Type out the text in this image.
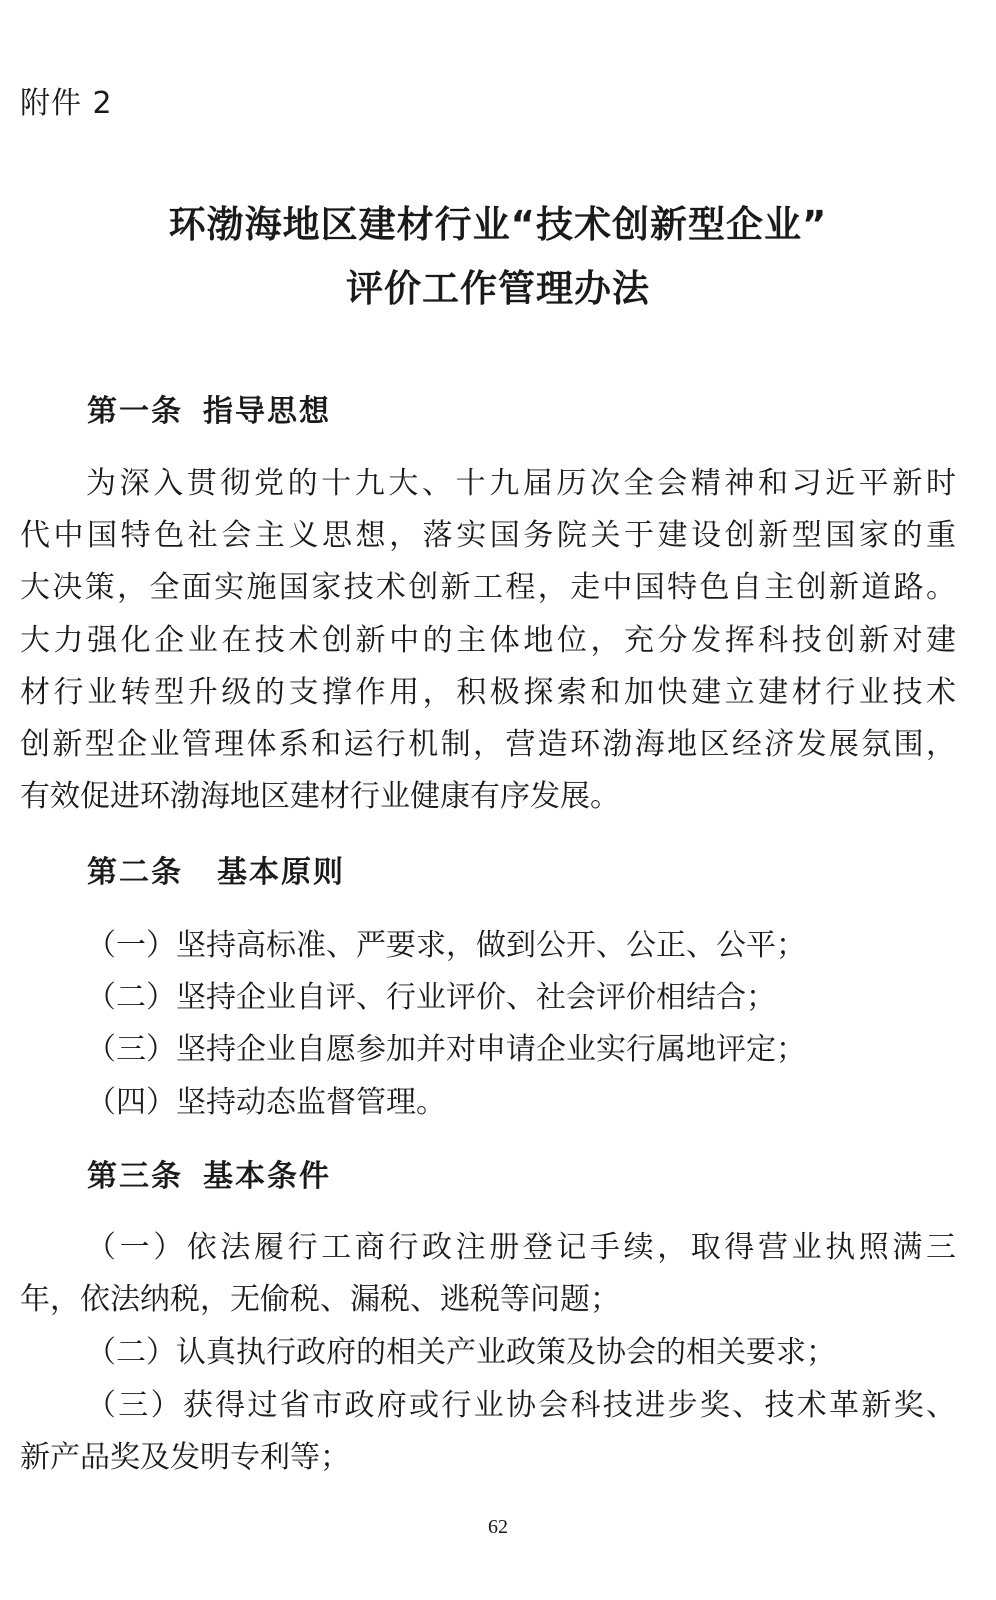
附件 2
环渤海地区建材行业“技术创新型企业”
评价工作管理办法
第一条 指导思想
为深入贯彻党的十九大、十九届历次全会精神和习近平新时
代中国特色社会主义思想，落实国务院关于建设创新型国家的重
大决策，全面实施国家技术创新工程，走中国特色自主创新道路。
大力强化企业在技术创新中的主体地位，充分发挥科技创新对建
材行业转型升级的支撑作用，积极探索和加快建立建材行业技术
创新型企业管理体系和运行机制，营造环渤海地区经济发展氛围，
有效促进环渤海地区建材行业健康有序发展。
第二条 基本原则
（一）坚持高标准、严要求，做到公开、公正、公平；
（二）坚持企业自评、行业评价、社会评价相结合；
（三）坚持企业自愿参加并对申请企业实行属地评定；
（四）坚持动态监督管理。
第三条 基本条件
（一）依法履行工商行政注册登记手续，取得营业执照满三
年，依法纳税，无偷税、漏税、逃税等问题；
（二）认真执行政府的相关产业政策及协会的相关要求；
（三）获得过省市政府或行业协会科技进步奖、技术革新奖、
新产品奖及发明专利等；
62
